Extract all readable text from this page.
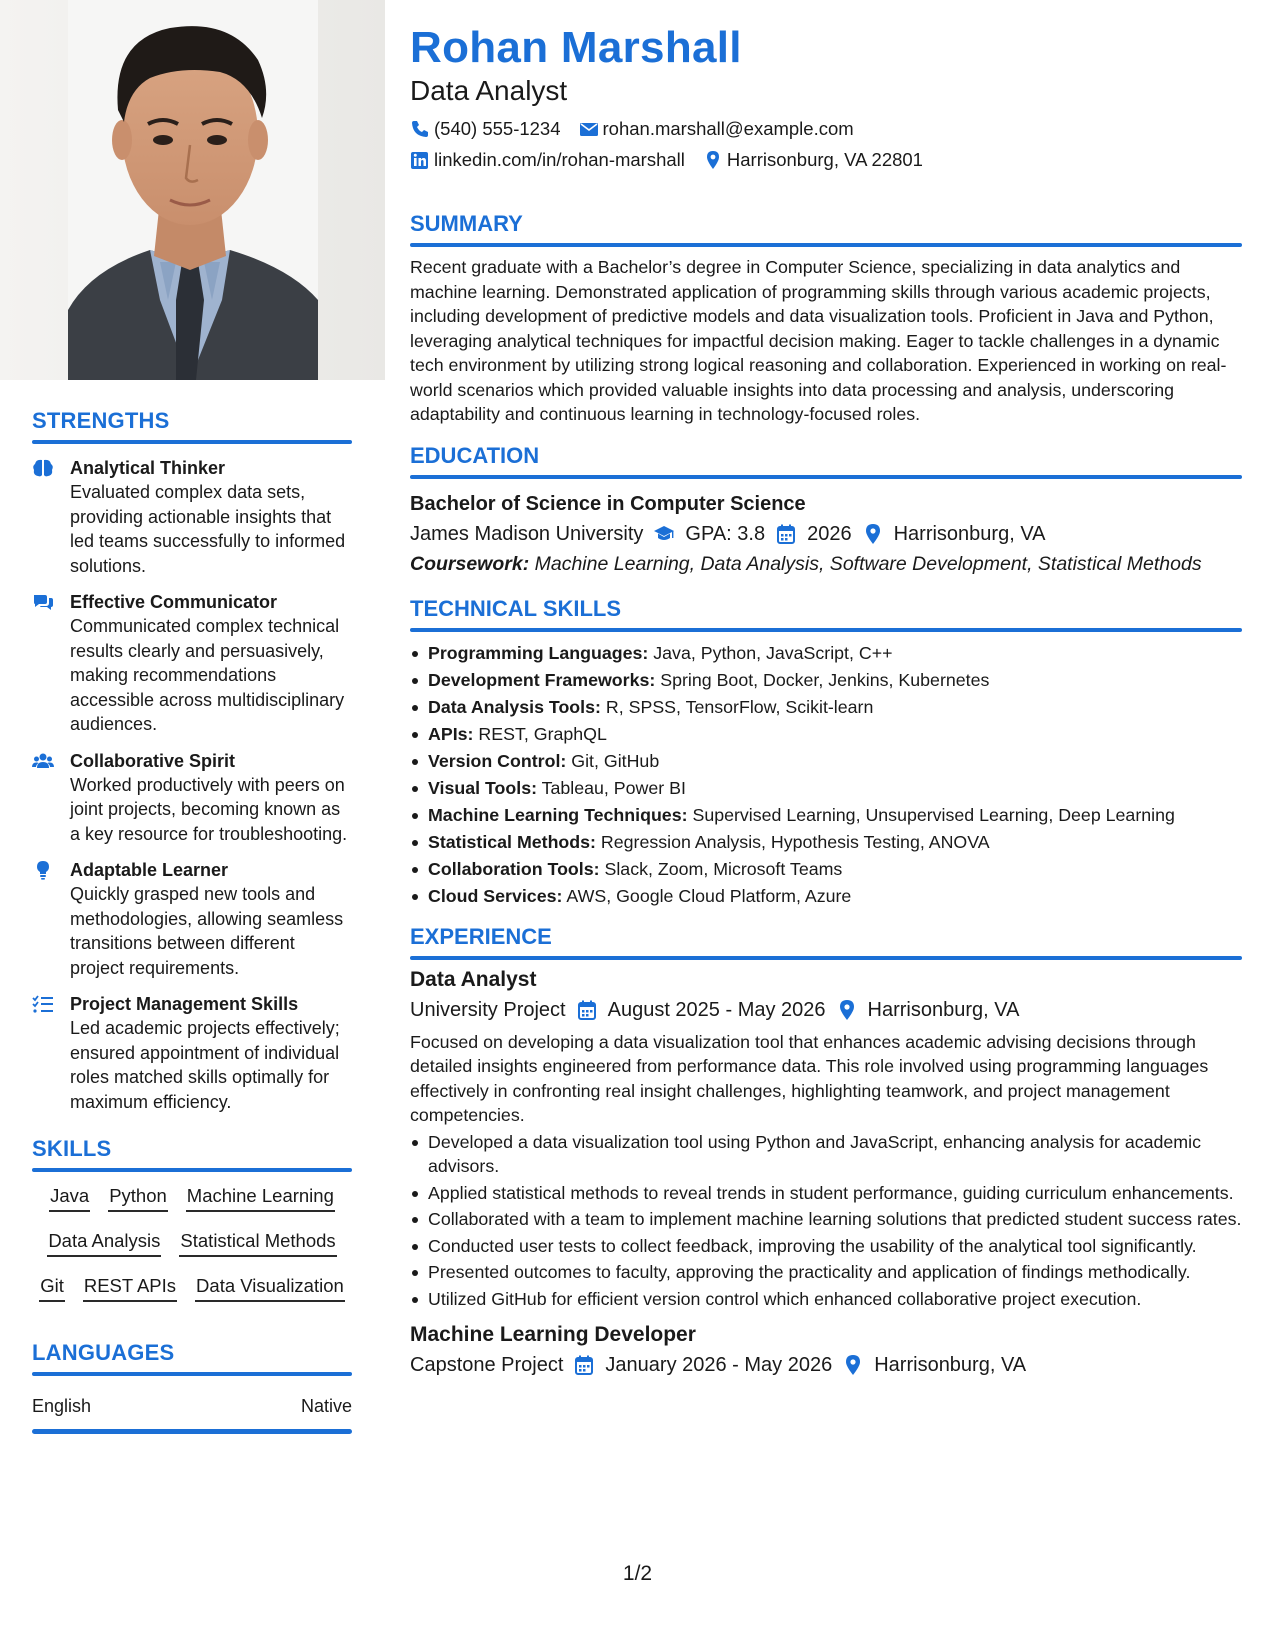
STRENGTHS
Analytical Thinker
Evaluated complex data sets, providing actionable insights that led teams successfully to informed solutions.
Effective Communicator
Communicated complex technical results clearly and persuasively, making recommendations accessible across multidisciplinary audiences.
Collaborative Spirit
Worked productively with peers on joint projects, becoming known as a key resource for troubleshooting.
Adaptable Learner
Quickly grasped new tools and methodologies, allowing seamless transitions between different project requirements.
Project Management Skills
Led academic projects effectively; ensured appointment of individual roles matched skills optimally for maximum efficiency.
SKILLS
Java Python Machine Learning
Data Analysis Statistical Methods
Git REST APIs Data Visualization
LANGUAGES
English	Native
Rohan Marshall
Data Analyst
(540) 555-1234 rohan.marshall@example.com
linkedin.com/in/rohan-marshall Harrisonburg, VA 22801
SUMMARY
Recent graduate with a Bachelor’s degree in Computer Science, specializing in data analytics and machine learning. Demonstrated application of programming skills through various academic projects, including development of predictive models and data visualization tools. Proficient in Java and Python, leveraging analytical techniques for impactful decision making. Eager to tackle challenges in a dynamic tech environment by utilizing strong logical reasoning and collaboration. Experienced in working on real-world scenarios which provided valuable insights into data processing and analysis, underscoring adaptability and continuous learning in technology-focused roles.
EDUCATION
Bachelor of Science in Computer Science
James Madison University GPA: 3.8 2026 Harrisonburg, VA
Coursework: Machine Learning, Data Analysis, Software Development, Statistical Methods
TECHNICAL SKILLS
Programming Languages: Java, Python, JavaScript, C++
Development Frameworks: Spring Boot, Docker, Jenkins, Kubernetes
Data Analysis Tools: R, SPSS, TensorFlow, Scikit-learn
APIs: REST, GraphQL
Version Control: Git, GitHub
Visual Tools: Tableau, Power BI
Machine Learning Techniques: Supervised Learning, Unsupervised Learning, Deep Learning
Statistical Methods: Regression Analysis, Hypothesis Testing, ANOVA
Collaboration Tools: Slack, Zoom, Microsoft Teams
Cloud Services: AWS, Google Cloud Platform, Azure
EXPERIENCE
Data Analyst
University Project August 2025 - May 2026 Harrisonburg, VA
Focused on developing a data visualization tool that enhances academic advising decisions through detailed insights engineered from performance data. This role involved using programming languages effectively in confronting real insight challenges, highlighting teamwork, and project management competencies.
Developed a data visualization tool using Python and JavaScript, enhancing analysis for academic advisors.
Applied statistical methods to reveal trends in student performance, guiding curriculum enhancements.
Collaborated with a team to implement machine learning solutions that predicted student success rates.
Conducted user tests to collect feedback, improving the usability of the analytical tool significantly.
Presented outcomes to faculty, approving the practicality and application of findings methodically.
Utilized GitHub for efficient version control which enhanced collaborative project execution.
Machine Learning Developer
Capstone Project January 2026 - May 2026 Harrisonburg, VA
1/2
